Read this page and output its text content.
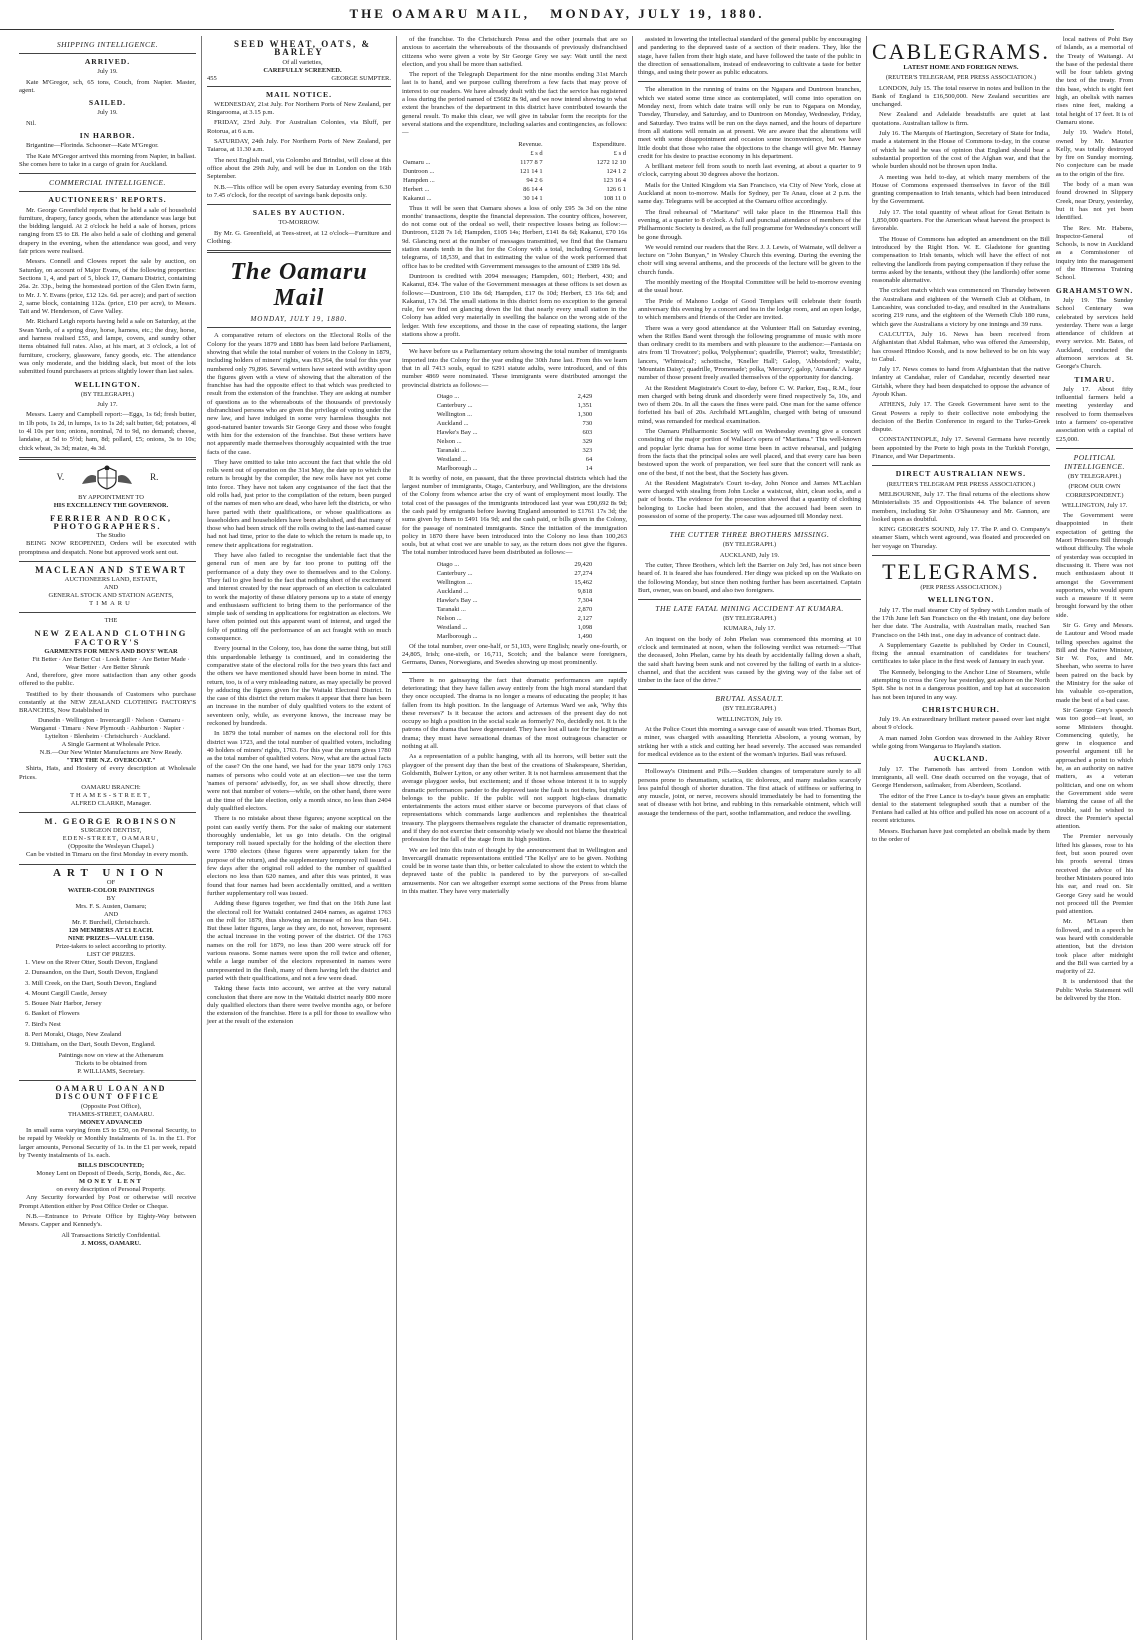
THE OAMARU MAIL, MONDAY, JULY 19, 1880.
SHIPPING INTELLIGENCE.

ARRIVED.

July 19.

Kate M'Gregor, sch, 65 tons, Couch, from Napier. Master, agent.

SAILED.

July 19.

Nil.

IN HARBOR.

Brigantine—Florinda. Schooner—Kate M'Gregor.

The Kate M'Gregor arrived this morning from Napier, in ballast. She comes here to take in a cargo of grain for Auckland.

COMMERCIAL INTELLIGENCE.

AUCTIONEERS' REPORTS.

Mr. George Greenfield reports that he held a sale of household furniture, drapery, fancy goods, when the attendance was large but the bidding languid. At 2 o'clock he held a sale of horses, prices ranging from £5 to £8. He also held a sale of clothing and general drapery in the evening, when the attendance was good, and very fair prices were realised.

Messrs. Connell and Clowes report the sale by auction, on Saturday, on account of Major Evans, of the following properties: Sections 1, 4, and part of 5, block 17, Oamaru District, containing 26a. 2r. 33p., being the homestead portion of the Glen Ewin farm, to Mr. J. Y. Evans (price, £12 12s. 6d. per acre); and part of section 2, same block, containing 112a. (price, £10 per acre), to Messrs. Tait and W. Henderson, of Cave Valley.

Mr. Richard Leigh reports having held a sale on Saturday, at the Swan Yards, of a spring dray, horse, harness, etc.; the dray, horse, and harness realised £55, and lampe, covers, and sundry other items obtained full rates. Also, at his mart, at 3 o'clock, a lot of furniture, crockery, glassware, fancy goods, etc. The attendance was only moderate, and the bidding slack, but most of the lots submitted found purchasers at prices slightly lower than last sales.

WELLINGTON.

(BY TELEGRAPH.)

July 17.

Messrs. Laery and Campbell report:—Eggs, 1s 6d; fresh butter, in 1lb pots, 1s 2d, in lumps, 1s to 1s 2d; salt butter, 6d; potatoes, 4l to 4l 10s per ton; onions, nominal, 7d to 9d, no demand; cheese, landaise, at 5d to 5½d; ham, 8d; pollard, £5; onions, 3s to 10s; chick wheat, 3s 3d; maize, 4s 3d.

V.	R.

BY APPOINTMENT TO

HIS EXCELLENCY THE GOVERNOR.

FERRIER AND ROCK, PHOTOGRAPHERS.

The Studio

BEING NOW REOPENED, Orders will be executed with promptness and despatch. None but approved work sent out.

MACLEAN AND STEWART

AUCTIONEERS LAND, ESTATE,

AND

GENERAL STOCK AND STATION AGENTS,

TIMARU

THE

NEW ZEALAND CLOTHING FACTORY'S

GARMENTS FOR MEN'S AND BOYS' WEAR

Fit Better · Are Better Cut · Look Better · Are Better Made · Wear Better · Are Better Shrunk

And, therefore, give more satisfaction than any other goods offered to the public.

Testified to by their thousands of Customers who purchase constantly at the NEW ZEALAND CLOTHING FACTORY'S BRANCHES, Now Established in

Dunedin · Wellington · Invercargill · Nelson · Oamaru · Wanganui · Timaru · New Plymouth · Ashburton · Napier · Lyttelton · Blenheim · Christchurch · Auckland.

A Single Garment at Wholesale Price.

N.B.—Our New Winter Manufactures are Now Ready.

"TRY THE N.Z. OVERCOAT."

Shirts, Hats, and Hosiery of every description at Wholesale Prices.

OAMARU BRANCH:

THAMES-STREET,

ALFRED CLARKE, Manager.

M. GEORGE ROBINSON

SURGEON DENTIST,

EDEN-STREET, OAMARU,

(Opposite the Wesleyan Chapel.)

Can be visited in Timaru on the first Monday in every month.

ART UNION

OF

WATER-COLOR PAINTINGS

BY

Mrs. F. S. Austen, Oamaru;

AND

Mr. F. Burchell, Christchurch.

120 MEMBERS AT £1 EACH.

NINE PRIZES—VALUE £150.

Prize-takers to select according to priority.

LIST OF PRIZES.

1. View on the River Otter, South Devon, England

2. Dunsandon, on the Dart, South Devon, England

3. Mill Creek, on the Dart, South Devon, England

4. Mount Cargill Castle, Jersey

5. Bouee Nair Harbor, Jersey

6. Basket of Flowers

7. Bird's Nest

8. Peri Moraki, Otago, New Zealand

9. Dittisham, on the Dart, South Devon, England.

Paintings now on view at the Athenæum

Tickets to be obtained from

P. WILLIAMS, Secretary.

OAMARU LOAN AND DISCOUNT OFFICE

(Opposite Post Office),

THAMES-STREET, OAMARU.

MONEY ADVANCED

In small sums varying from £5 to £50, on Personal Security, to be repaid by Weekly or Monthly Instalments of 1s. in the £1. For larger amounts, Personal Security of 1s. in the £1 per week, repaid by Twenty instalments of 1s. each.

BILLS DISCOUNTED;

Money Lent on Deposit of Deeds, Scrip, Bonds, &c., &c.

MONEY LENT

on every description of Personal Property.

Any Security forwarded by Post or otherwise will receive Prompt Attention either by Post Office Order or Cheque.

N.B.—Entrance to Private Office by Eighty-Way between Messrs. Capper and Kennedy's.

All Transactions Strictly Confidential.

J. MOSS, OAMARU.

SEED WHEAT, OATS, & BARLEY

Of all varieties,

CAREFULLY SCREENED.

455	GEORGE SUMPTER.

MAIL NOTICE.

WEDNESDAY, 21st July. For Northern Ports of New Zealand, per Ringarooma, at 3.15 p.m.

FRIDAY, 23rd July. For Australian Colonies, via Bluff, per Rotorua, at 6 a.m.

SATURDAY, 24th July. For Northern Ports of New Zealand, per Taiaroa, at 11.30 a.m.

The next English mail, via Colombo and Brindisi, will close at this office about the 29th July, and will be due in London on the 16th September.

N.B.—This office will be open every Saturday evening from 6.30 to 7.45 o'clock, for the receipt of savings bank deposits only.

SALES BY AUCTION.

TO-MORROW.

By Mr. G. Greenfield, at Tees-street, at 12 o'clock—Furniture and Clothing.

The Oamaru Mail
MONDAY, JULY 19, 1880.

A comparative return of electors on the Electoral Rolls of the Colony for the years 1879 and 1880 has been laid before Parliament, showing that while the total number of voters in the Colony in 1879, including holders of miners' rights, was 83,564, the total for this year numbered only 79,896. Several writers have seized with avidity upon the figures given with a view of showing that the alteration of the franchise has had the opposite effect to that which was predicted to result from the extension of the franchise. They are asking at number of questions as to the whereabouts of the thousands of previously disfranchised persons who are given the privilege of voting under the new law, and have indulged in some very harmless thoughts not good-natured banter towards Sir George Grey and those who fought with him for the extension of the franchise. But these writers have not apparently made themselves thoroughly acquainted with the true facts of the case.

They have omitted to take into account the fact that while the old rolls went out of operation on the 31st May, the date up to which the return is brought by the compiler, the new rolls have not yet come into force. They have not taken any cognisance of the fact that the old rolls had, just prior to the compilation of the return, been purged of the names of men who are dead, who have left the districts, or who have parted with their qualifications, or whose qualifications as leaseholders and householders have been abolished, and that many of those who had been struck off the rolls owing to the last-named cause had not had time, prior to the date to which the return is made up, to renew their applications for registration.

They have also failed to recognise the undeniable fact that the general run of men are by far too prone to putting off the performance of a duty they owe to themselves and to the Colony. They fail to give heed to the fact that nothing short of the excitement and interest created by the near approach of an election is calculated to work the majority of these dilatory persons up to a state of energy and enthusiasm sufficient to bring them to the performance of the simple task of sending in applications for registration as electors. We have often pointed out this apparent want of interest, and urged the folly of putting off the performance of an act fraught with so much consequence.

Every journal in the Colony, too, has done the same thing, but still this unpardonable lethargy is continued, and in considering the comparative state of the electoral rolls for the two years this fact and the others we have mentioned should have been borne in mind. The return, too, is of a very misleading nature, as may specially be proved by adducing the figures given for the Waitaki Electoral District. In the case of this district the return makes it appear that there has been an increase in the number of duly qualified voters to the extent of seventeen only, while, as everyone knows, the increase may be reckoned by hundreds.

In 1879 the total number of names on the electoral roll for this district was 1723, and the total number of qualified voters, including 40 holders of miners' rights, 1763. For this year the return gives 1780 as the total number of qualified voters. Now, what are the actual facts of the case? On the one hand, we had for the year 1879 only 1763 names of persons who could vote at an election—we use the term 'names of persons' advisedly, for, as we shall show directly, there were not that number of voters—while, on the other hand, there were at the time of the late election, only a month since, no less than 2404 duly qualified electors.

There is no mistake about these figures; anyone sceptical on the point can easily verify them. For the sake of making our statement thoroughly undeniable, let us go into details. On the original temporary roll issued specially for the holding of the election there were 1780 electors (these figures were apparently taken for the purpose of the return), and the supplementary temporary roll issued a few days after the original roll added to the number of qualified electors no less than 620 names, and after this was printed, it was found that four names had been accidentally omitted, and a written further supplementary roll was issued.

Adding these figures together, we find that on the 16th June last the electoral roll for Waitaki contained 2404 names, as against 1763 on the roll for 1879, thus showing an increase of no less than 641. But these latter figures, large as they are, do not, however, represent the actual increase in the voting power of the district. Of the 1763 names on the roll for 1879, no less than 200 were struck off for various reasons. Some names were upon the roll twice and oftener, while a large number of the electors represented in names were unrepresented in the flesh, many of them having left the district and parted with their qualifications, and not a few were dead.

Taking these facts into account, we arrive at the very natural conclusion that there are now in the Waitaki district nearly 800 more duly qualified electors than there were twelve months ago, or before the extension of the franchise. Here is a pill for those to swallow who jeer at the result of the extension

of the franchise. To the Christchurch Press and the other journals that are so anxious to ascertain the whereabouts of the thousands of previously disfranchised citizens who were given a vote by Sir George Grey we say: Wait until the next election, and you shall be more than satisfied.

The report of the Telegraph Department for the nine months ending 31st March last is to hand, and we purpose culling therefrom a few facts that may prove of interest to our readers. We have already dealt with the fact the service has registered a loss during the period named of £5682 8s 9d, and we now intend showing to what extent the branches of the department in this district have contributed towards the general result. To make this clear, we will give in tabular form the receipts for the several stations and the expenditure, including salaries and contingencies, as follows:—

	Revenue.	Expenditure.
	£ s d	£ s d
Oamaru ...	1177 8 7	1272 12 10
Duntroon ...	121 14 1	124 1 2
Hampden ...	94 2 6	123 16 4
Herbert ...	86 14 4	126 6 1
Kakanui ...	30 14 1	108 11 0

Thus it will be seen that Oamaru shows a loss of only £95 3s 3d on the nine months' transactions, despite the financial depression. The country offices, however, do not come out of the ordeal so well, their respective losses being as follow:—Duntroon, £128 7s 1d; Hampden, £105 14s; Herbert, £141 8s 6d; Kakanui, £70 16s 9d. Glancing next at the number of messages transmitted, we find that the Oamaru station stands tenth in the list for the Colony with a total, including Government telegrams, of 18,539, and that in estimating the value of the work performed that office has to be credited with Government messages to the amount of £389 18s 9d.

Duntroon is credited with 2094 messages; Hampden, 601; Herbert, 430; and Kakanui, 834. The value of the Government messages at these offices is set down as follows:—Duntroon, £10 18s 6d; Hampden, £17 0s 10d; Herbert, £3 16s 6d; and Kakanui, 17s 3d. The small stations in this district form no exception to the general rule, for we find on glancing down the list that nearly every small station in the Colony has added very materially in swelling the balance on the wrong side of the ledger. With few exceptions, and those in the case of repeating stations, the larger stations show a profit.

We have before us a Parliamentary return showing the total number of immigrants imported into the Colony for the year ending the 30th June last. From this we learn that in all 7413 souls, equal to 6291 statute adults, were introduced, and of this number 4869 were nominated. These immigrants were distributed amongst the provincial districts as follows:—

Otago ...	2,429
Canterbury ...	1,351
Wellington ...	1,300
Auckland ...	730
Hawke's Bay ...	603
Nelson ...	329
Taranaki ...	323
Westland ...	64
Marlborough ...	14

It is worthy of note, en passant, that the three provincial districts which had the largest number of immigrants, Otago, Canterbury, and Wellington, are the divisions of the Colony from whence arise the cry of want of employment most loudly. The total cost of the passages of the immigrants introduced last year was £90,692 8s 9d; the cash paid by emigrants before leaving England amounted to £1761 17s 3d; the sums given by them to £491 16s 9d; and the cash paid, or bills given in the Colony, for the passage of nominated immigrants. Since the initiation of the immigration policy in 1870 there have been introduced into the Colony no less than 100,263 souls, but at what cost we are unable to say, as the return does not give the figures. The total number introduced have been distributed as follows:—

Otago ...	29,420
Canterbury ...	27,274
Wellington ...	15,462
Auckland ...	9,818
Hawke's Bay ...	7,304
Taranaki ...	2,870
Nelson ...	2,127
Westland ...	1,098
Marlborough ...	1,490

Of the total number, over one-half, or 51,103, were English; nearly one-fourth, or 24,805, Irish; one-sixth, or 16,711, Scotch; and the balance were foreigners, Germans, Danes, Norwegians, and Swedes showing up most prominently.

There is no gainsaying the fact that dramatic performances are rapidly deteriorating; that they have fallen away entirely from the high moral standard that they once occupied. The drama is no longer a means of educating the people; it has fallen from its high position. In the language of Artemus Ward we ask, 'Why this these reverses?' Is it because the actors and actresses of the present day do not occupy so high a position in the social scale as formerly? No, decidedly not. It is the patrons of the drama that have degenerated. They have lost all taste for the legitimate drama; they must have sensational dramas of the most outrageous character or nothing at all.

As a representation of a public hanging, with all its horrors, will better suit the playgoer of the present day than the best of the creations of Shakespeare, Sheridan, Goldsmith, Bulwer Lytton, or any other writer. It is not harmless amusement that the average playgoer seeks, but excitement; and if those whose interest it is to supply dramatic performances pander to the depraved taste the fault is not theirs, but rightly belongs to the public. If the public will not support high-class dramatic entertainments the actors must either starve or become purveyors of that class of representations which commands large audiences and replenishes the theatrical treasury. The playgoers themselves regulate the character of dramatic representation, and if they do not exercise their censorship wisely we should not blame the theatrical profession for the fall of the stage from its high position.

We are led into this train of thought by the announcement that in Wellington and Invercargill dramatic representations entitled 'The Kellys' are to be given. Nothing could be in worse taste than this, or better calculated to show the extent to which the depraved taste of the public is pandered to by the purveyors of so-called amusements. Nor can we altogether exempt some sections of the Press from blame in this matter. They have very materially

assisted in lowering the intellectual standard of the general public by encouraging and pandering to the depraved taste of a section of their readers. They, like the stage, have fallen from their high state, and have followed the taste of the public in the direction of sensationalism, instead of endeavoring to cultivate a taste for better things, and using their power as public educators.

The alteration in the running of trains on the Ngapara and Duntroon branches, which we stated some time since as contemplated, will come into operation on Monday next, from which date trains will only be run to Ngapara on Monday, Tuesday, Thursday, and Saturday, and to Duntroon on Monday, Wednesday, Friday, and Saturday. Two trains will be run on the days named, and the hours of departure from all stations will remain as at present. We are aware that the alterations will meet with some disappointment and occasion some inconvenience, but we have little doubt that those who raise the objections to the change will give Mr. Hannay credit for his desire to practise economy in his department.

A brilliant meteor fell from south to north last evening, at about a quarter to 9 o'clock, carrying about 30 degrees above the horizon.

Mails for the United Kingdom via San Francisco, via City of New York, close at Auckland at noon to-morrow. Mails for Sydney, per Te Anau, close at 2 p.m. the same day. Telegrams will be accepted at the Oamaru office accordingly.

The final rehearsal of "Maritana" will take place in the Hinemoa Hall this evening, at a quarter to 8 o'clock. A full and punctual attendance of members of the Philharmonic Society is desired, as the full programme for Wednesday's concert will be gone through.

We would remind our readers that the Rev. J. J. Lewis, of Waimate, will deliver a lecture on "John Bunyan," in Wesley Church this evening. During the evening the choir will sing several anthems, and the proceeds of the lecture will be given to the church funds.

The monthly meeting of the Hospital Committee will be held to-morrow evening at the usual hour.

The Pride of Mahono Lodge of Good Templars will celebrate their fourth anniversary this evening by a concert and tea in the lodge room, and an open lodge, to which members and friends of the Order are invited.

There was a very good attendance at the Volunteer Hall on Saturday evening, when the Rifles Band went through the following programme of music with more than ordinary credit to its members and with pleasure to the audience:—Fantasia on airs from 'Il Trovatore'; polka, 'Polyphemus'; quadrille, 'Pierrot'; waltz, 'Irresistible'; lancers, 'Whimsical'; schottische, 'Kneller Hall'; Galop, 'Abbotsford'; waltz, 'Mountain Daisy'; quadrille, 'Promenade'; polka, 'Mercury'; galop, 'Amanda.' A large number of those present freely availed themselves of the opportunity for dancing.

At the Resident Magistrate's Court to-day, before C. W. Parker, Esq., R.M., four men charged with being drunk and disorderly were fined respectively 5s, 10s, and two of them 20s. In all the cases the fines were paid. One man for the same offence forfeited his bail of 20s. Archibald M'Laughlin, charged with being of unsound mind, was remanded for medical examination.

The Oamaru Philharmonic Society will on Wednesday evening give a concert consisting of the major portion of Wallace's opera of "Maritana." This well-known and popular lyric drama has for some time been in active rehearsal, and judging from the facts that the principal soles are well placed, and that every care has been bestowed upon the work of preparation, we feel sure that the concert will rank as one of the best, if not the best, that the Society has given.

At the Resident Magistrate's Court to-day, John Nonce and James M'Lachlan were charged with stealing from John Locke a waistcoat, shirt, clean socks, and a pair of boots. The evidence for the prosecution showed that a quantity of clothing belonging to Locke had been stolen, and that the accused had been seen in possession of some of the property. The case was adjourned till Monday next.

THE CUTTER THREE BROTHERS MISSING.

(BY TELEGRAPH.)

AUCKLAND, July 19.

The cutter, Three Brothers, which left the Barrier on July 3rd, has not since been heard of. It is feared she has foundered. Her dingy was picked up on the Waikato on the following Monday, but since then nothing further has been ascertained. Captain Burt, owner, was on board, and also two foreigners.

THE LATE FATAL MINING ACCIDENT AT KUMARA.

(BY TELEGRAPH.)

KUMARA, July 17.

An inquest on the body of John Phelan was commenced this morning at 10 o'clock and terminated at noon, when the following verdict was returned:—"That the deceased, John Phelan, came by his death by accidentally falling down a shaft, the said shaft having been sunk and not covered by the falling of earth in a sluice-channel, and that the accident was caused by the giving way of the false set of timber in the face of the drive."

BRUTAL ASSAULT.

(BY TELEGRAPH.)

WELLINGTON, July 19.

At the Police Court this morning a savage case of assault was tried. Thomas Burt, a miner, was charged with assaulting Henrietta Absolom, a young woman, by striking her with a stick and cutting her head severely. The accused was remanded for medical evidence as to the extent of the woman's injuries. Bail was refused.

Holloway's Ointment and Pills.—Sudden changes of temperature surely to all persons prone to rheumatism, sciatica, tic doloreux, and many maladies scarcely less painful though of shorter duration. The first attack of stiffness or suffering in any muscle, joint, or nerve, recovers should immediately be had to fomenting the seat of disease with hot brine, and rubbing in this remarkable ointment, which will assuage the tenderness of the part, soothe inflammation, and reduce the swelling.

CABLEGRAMS.

LATEST HOME AND FOREIGN NEWS.

(REUTER'S TELEGRAM, PER PRESS ASSOCIATION.)

LONDON, July 15. The total reserve in notes and bullion in the Bank of England is £16,500,000. New Zealand securities are unchanged.

New Zealand and Adelaide breadstuffs are quiet at last quotations. Australian tallow is firm.

July 16. The Marquis of Hartington, Secretary of State for India, made a statement in the House of Commons to-day, in the course of which he said he was of opinion that England should bear a substantial proportion of the cost of the Afghan war, and that the whole burden should not be thrown upon India.

A meeting was held to-day, at which many members of the House of Commons expressed themselves in favor of the Bill granting compensation to Irish tenants, which had been introduced by the Government.

July 17. The total quantity of wheat afloat for Great Britain is 1,850,000 quarters. For the American wheat harvest the prospect is favorable.

The House of Commons has adopted an amendment on the Bill introduced by the Right Hon. W. E. Gladstone for granting compensation to Irish tenants, which will have the effect of not relieving the landlords from paying compensation if they refuse the terms asked by the tenants, without they (the landlords) offer some reasonable alternative.

The cricket match which was commenced on Thursday between the Australians and eighteen of the Werneth Club at Oldham, in Lancashire, was concluded to-day, and resulted in the Australians scoring 219 runs, and the eighteen of the Werneth Club 180 runs, which gave the Australians a victory by one innings and 39 runs.

CALCUTTA, July 16. News has been received from Afghanistan that Abdul Rahman, who was offered the Ameership, has crossed Hindoo Koosh, and is now believed to be on his way to Cabul.

July 17. News comes to hand from Afghanistan that the native infantry at Candahar, ruler of Candahar, recently deserted near Girishk, where they had been despatched to oppose the advance of Ayoub Khan.

ATHENS, July 17. The Greek Government have sent to the Great Powers a reply to their collective note embodying the decision of the Berlin Conference in regard to the Turko-Greek dispute.

CONSTANTINOPLE, July 17. Several Germans have recently been appointed by the Porte to high posts in the Turkish Foreign, Finance, and War Departments.

DIRECT AUSTRALIAN NEWS.

(REUTER'S TELEGRAM PER PRESS ASSOCIATION.)

MELBOURNE, July 17. The final returns of the elections show Ministerialists 35 and Oppositionists 44. The balance of seven members, including Sir John O'Shaunessy and Mr. Gannon, are looked upon as doubtful.

KING GEORGE'S SOUND, July 17. The P. and O. Company's steamer Siam, which went aground, was floated and proceeded on her voyage on Thursday.

TELEGRAMS.

(PER PRESS ASSOCIATION.)

WELLINGTON.

July 17. The mail steamer City of Sydney with London mails of the 17th June left San Francisco on the 4th instant, one day before her due date. The Australia, with Australian mails, reached San Francisco on the 14th inst., one day in advance of contract date.

A Supplementary Gazette is published by Order in Council, fixing the annual examination of candidates for teachers' certificates to take place in the first week of January in each year.

The Kennedy, belonging to the Anchor Line of Steamers, while attempting to cross the Grey bar yesterday, got ashore on the North Spit. She is not in a dangerous position, and top hat at succession has not been injured in any way.

CHRISTCHURCH.

July 19. An extraordinary brilliant meteor passed over last night about 9 o'clock.

A man named John Gordon was drowned in the Ashley River while going from Wangarua to Hayland's station.

AUCKLAND.

July 17. The Famenoth has arrived from London with immigrants, all well. One death occurred on the voyage, that of George Henderson, sailmaker, from Aberdeen, Scotland.

The editor of the Free Lance is to-day's issue gives an emphatic denial to the statement telegraphed south that a number of the Fenians had called at his office and pulled his nose on account of a recent strictures.

Messrs. Buchanan have just completed an obelisk made by them to the order of

local natives of Pohi Bay of Islands, as a memorial of the Treaty of Waitangi. At the base of the pedestal there will be four tablets giving the text of the treaty. From this base, which is eight feet high, an obelisk with names rises nine feet, making a total height of 17 feet. It is of Oamaru stone.

July 19. Wade's Hotel, owned by Mr. Maurice Kelly, was totally destroyed by fire on Sunday morning. No conjecture can be made as to the origin of the fire.

The body of a man was found drowned in Slippery Creek, near Drury, yesterday, but it has not yet been identified.

The Rev. Mr. Habens, Inspector-General of Schools, is now in Auckland as a Commissioner of inquiry into the management of the Hinemoa Training School.

GRAHAMSTOWN.

July 19. The Sunday School Centenary was celebrated by services held yesterday. There was a large attendance of children at every service. Mr. Bates, of Auckland, conducted the afternoon services at St. George's Church.

TIMARU.

July 17. About fifty influential farmers held a meeting yesterday and resolved to form themselves into a farmers' co-operative association with a capital of £25,000.

POLITICAL INTELLIGENCE.

(BY TELEGRAPH.)

(FROM OUR OWN CORRESPONDENT.)

WELLINGTON, July 17.

The Government were disappointed in their expectation of getting the Maori Prisoners Bill through without difficulty. The whole of yesterday was occupied in discussing it. There was not much enthusiasm about it amongst the Government supporters, who would spurn such a measure if it were brought forward by the other side.

Sir G. Grey and Messrs. de Lautour and Wood made telling speeches against the Bill and the Native Minister, Sir W. Fox, and Mr. Sheehan, who seems to have been paired on the back by the Ministry for the sake of his valuable co-operation, made the best of a bad case.

Sir George Grey's speech was too good—at least, so some Ministers thought. Commencing quietly, he grew in eloquence and powerful argument till he approached a point to which he, as an authority on native matters, as a veteran politician, and one on whom the Government side were blaming the cause of all the trouble, said he wished to direct the Premier's special attention.

The Premier nervously lifted his glasses, rose to his feet, but soon poured over his proofs several times received the advice of his brother Ministers poured into his ear, and read on. Sir George Grey said he would not proceed till the Premier paid attention.

Mr. M'Lean then followed, and in a speech he was heard with considerable attention, but the division took place after midnight and the Bill was carried by a majority of 22.

It is understood that the Public Works Statement will be delivered by the Hon.
